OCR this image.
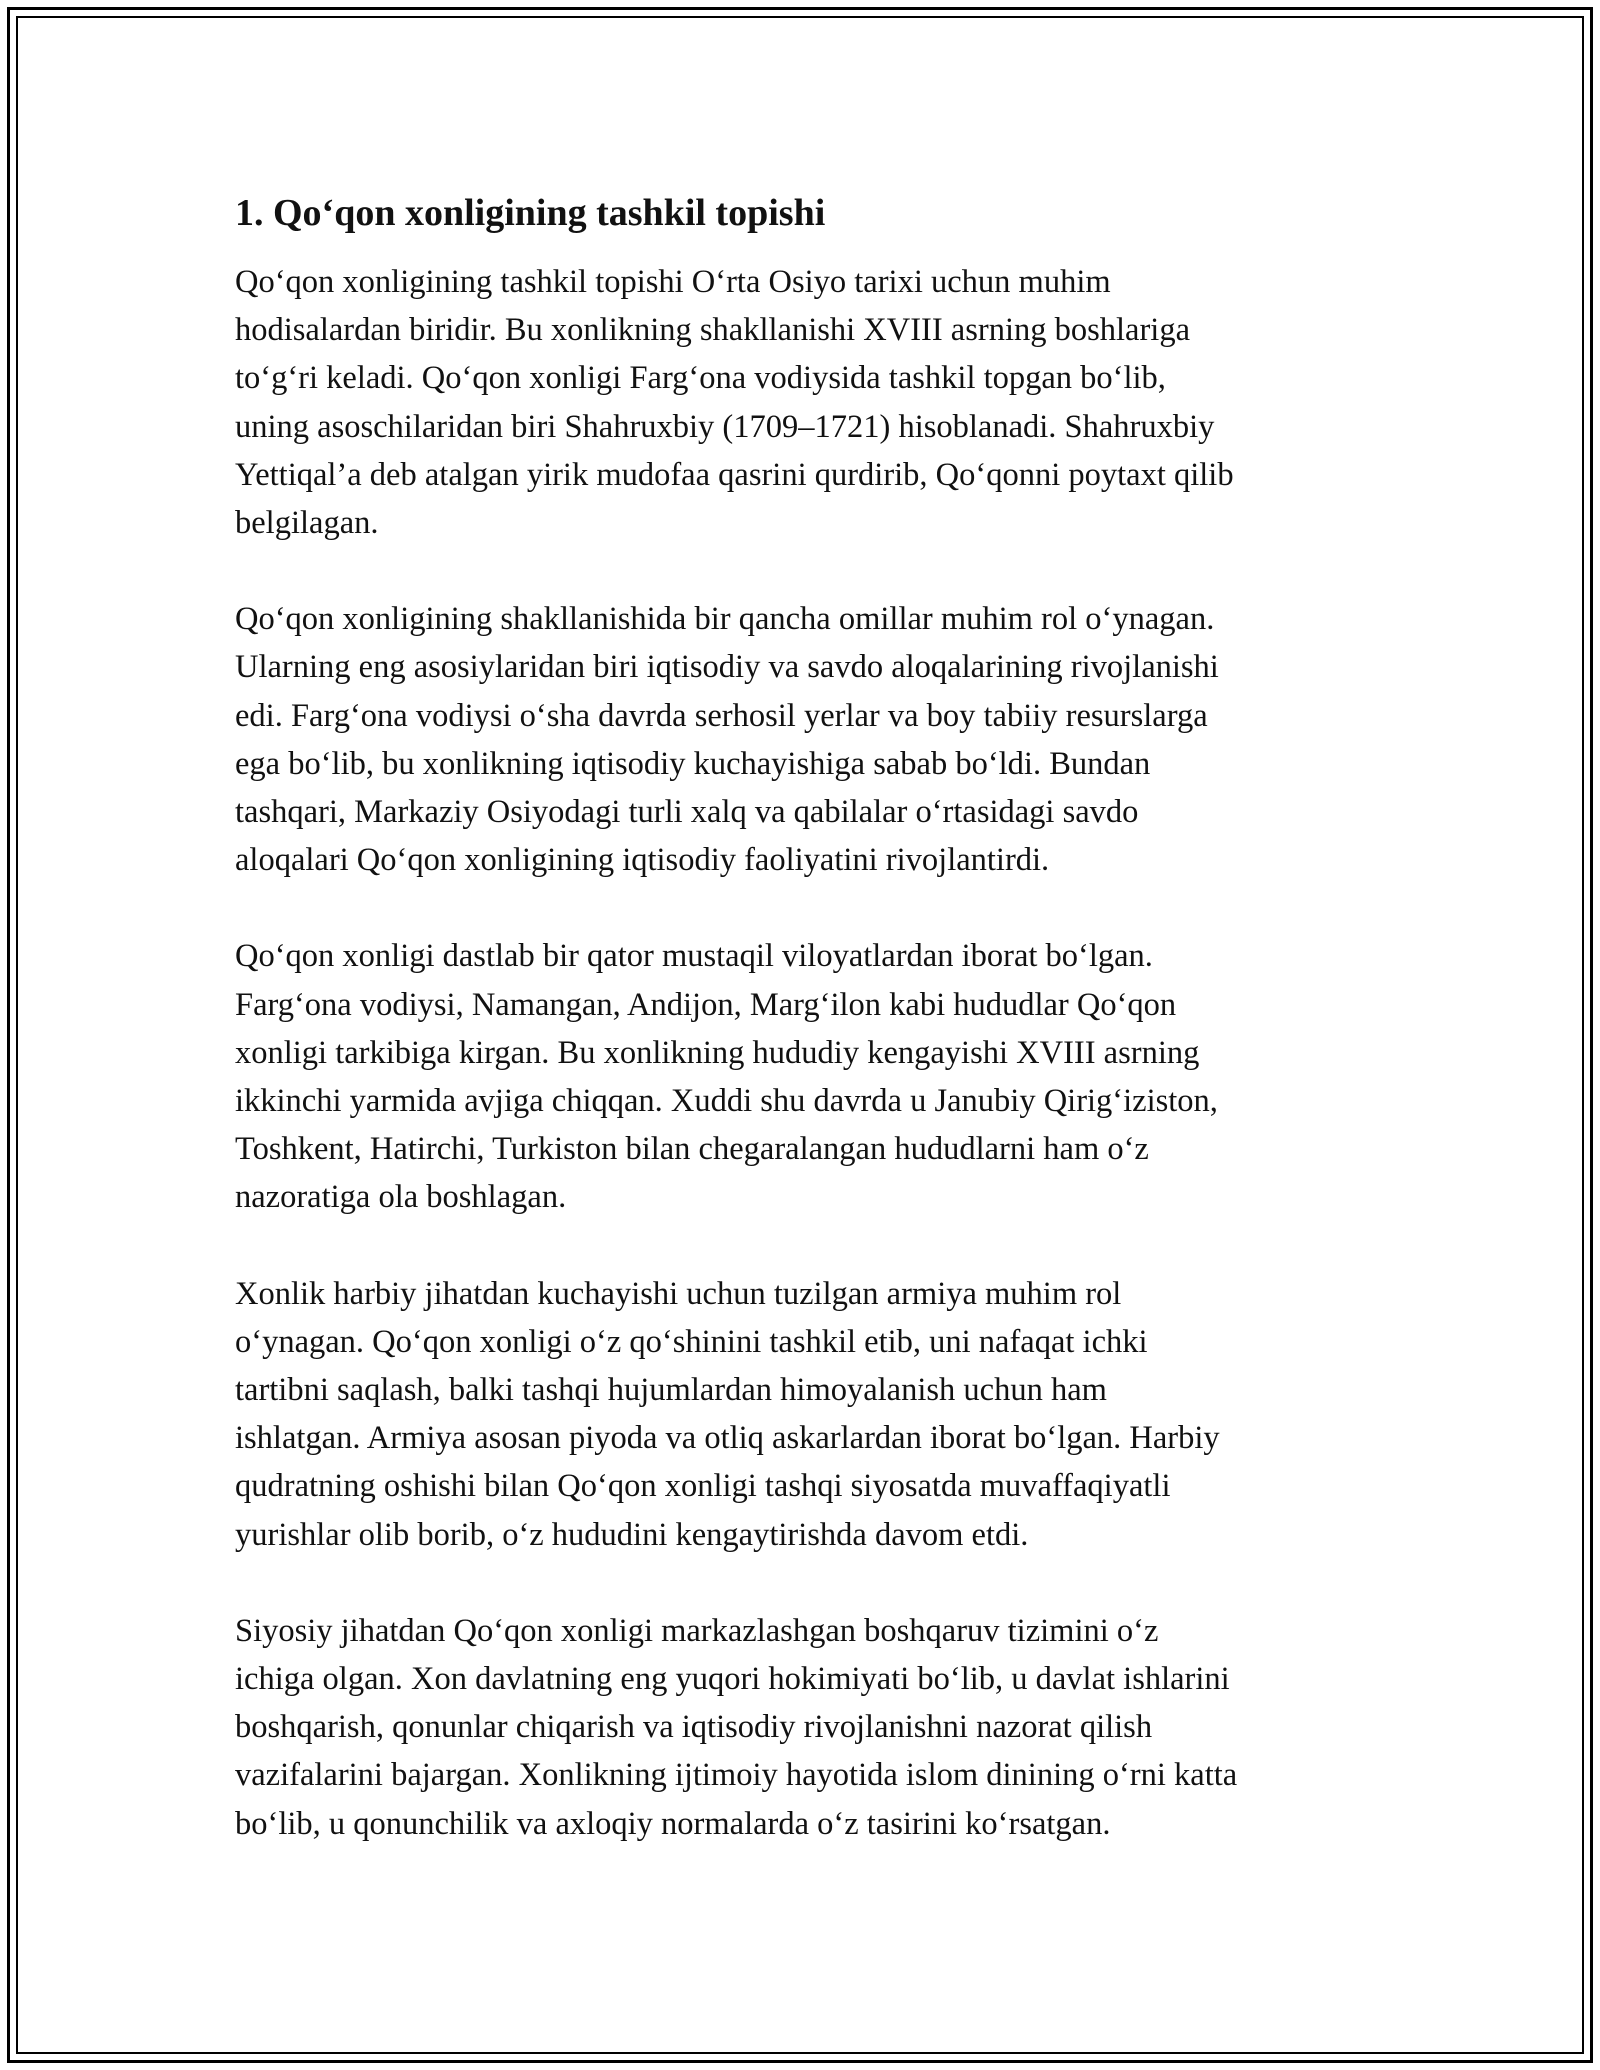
1. Qo‘qon xonligining tashkil topishi
Qo‘qon xonligining tashkil topishi O‘rta Osiyo tarixi uchun muhim
hodisalardan biridir. Bu xonlikning shakllanishi XVIII asrning boshlariga
to‘g‘ri keladi. Qo‘qon xonligi Farg‘ona vodiysida tashkil topgan bo‘lib,
uning asoschilaridan biri Shahruxbiy (1709–1721) hisoblanadi. Shahruxbiy
Yettiqal’a deb atalgan yirik mudofaa qasrini qurdirib, Qo‘qonni poytaxt qilib
belgilagan.
Qo‘qon xonligining shakllanishida bir qancha omillar muhim rol o‘ynagan.
Ularning eng asosiylaridan biri iqtisodiy va savdo aloqalarining rivojlanishi
edi. Farg‘ona vodiysi o‘sha davrda serhosil yerlar va boy tabiiy resurslarga
ega bo‘lib, bu xonlikning iqtisodiy kuchayishiga sabab bo‘ldi. Bundan
tashqari, Markaziy Osiyodagi turli xalq va qabilalar o‘rtasidagi savdo
aloqalari Qo‘qon xonligining iqtisodiy faoliyatini rivojlantirdi.
Qo‘qon xonligi dastlab bir qator mustaqil viloyatlardan iborat bo‘lgan.
Farg‘ona vodiysi, Namangan, Andijon, Marg‘ilon kabi hududlar Qo‘qon
xonligi tarkibiga kirgan. Bu xonlikning hududiy kengayishi XVIII asrning
ikkinchi yarmida avjiga chiqqan. Xuddi shu davrda u Janubiy Qirig‘iziston,
Toshkent, Hatirchi, Turkiston bilan chegaralangan hududlarni ham o‘z
nazoratiga ola boshlagan.
Xonlik harbiy jihatdan kuchayishi uchun tuzilgan armiya muhim rol
o‘ynagan. Qo‘qon xonligi o‘z qo‘shinini tashkil etib, uni nafaqat ichki
tartibni saqlash, balki tashqi hujumlardan himoyalanish uchun ham
ishlatgan. Armiya asosan piyoda va otliq askarlardan iborat bo‘lgan. Harbiy
qudratning oshishi bilan Qo‘qon xonligi tashqi siyosatda muvaffaqiyatli
yurishlar olib borib, o‘z hududini kengaytirishda davom etdi.
Siyosiy jihatdan Qo‘qon xonligi markazlashgan boshqaruv tizimini o‘z
ichiga olgan. Xon davlatning eng yuqori hokimiyati bo‘lib, u davlat ishlarini
boshqarish, qonunlar chiqarish va iqtisodiy rivojlanishni nazorat qilish
vazifalarini bajargan. Xonlikning ijtimoiy hayotida islom dinining o‘rni katta
bo‘lib, u qonunchilik va axloqiy normalarda o‘z tasirini ko‘rsatgan.
